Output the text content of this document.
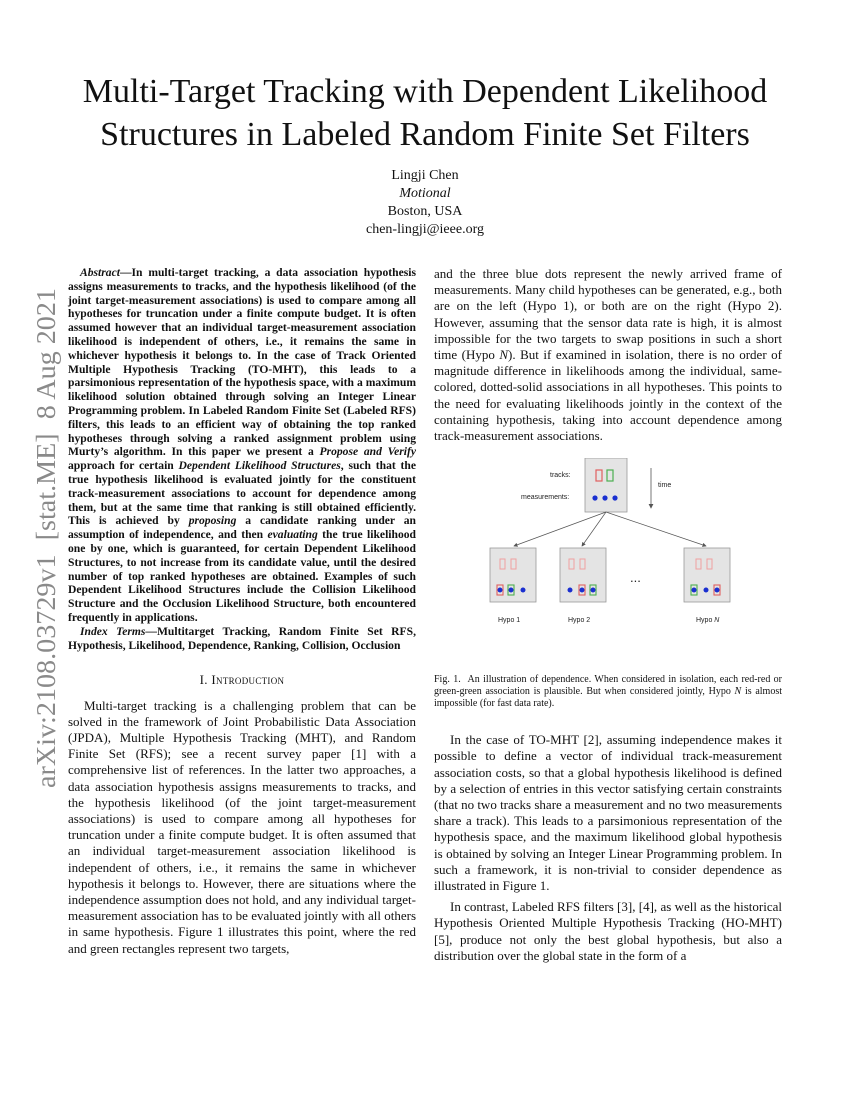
Multi-Target Tracking with Dependent Likelihood
Structures in Labeled Random Finite Set Filters
Lingji Chen
Motional
Boston, USA
chen-lingji@ieee.org
arXiv:2108.03729v1  [stat.ME]  8 Aug 2021

Abstract—In multi-target tracking, a data association hypothesis assigns measurements to tracks, and the hypothesis likelihood (of the joint target-measurement associations) is used to compare among all hypotheses for truncation under a finite compute budget. It is often assumed however that an individual target-measurement association likelihood is independent of others, i.e., it remains the same in whichever hypothesis it belongs to. In the case of Track Oriented Multiple Hypothesis Tracking (TO-MHT), this leads to a parsimonious representation of the hypothesis space, with a maximum likelihood solution obtained through solving an Integer Linear Programming problem. In Labeled Random Finite Set (Labeled RFS) filters, this leads to an efficient way of obtaining the top ranked hypotheses through solving a ranked assignment problem using Murty’s algorithm. In this paper we present a Propose and Verify approach for certain Dependent Likelihood Structures, such that the true hypothesis likelihood is evaluated jointly for the constituent track-measurement associations to account for dependence among them, but at the same time that ranking is still obtained efficiently. This is achieved by proposing a candidate ranking under an assumption of independence, and then evaluating the true likelihood one by one, which is guaranteed, for certain Dependent Likelihood Structures, to not increase from its candidate value, until the desired number of top ranked hypotheses are obtained. Examples of such Dependent Likelihood Structures include the Collision Likelihood Structure and the Occlusion Likelihood Structure, both encountered frequently in applications.

Index Terms—Multitarget Tracking, Random Finite Set RFS, Hypothesis, Likelihood, Dependence, Ranking, Collision, Occlusion

I. Introduction

Multi-target tracking is a challenging problem that can be solved in the framework of Joint Probabilistic Data Association (JPDA), Multiple Hypothesis Tracking (MHT), and Random Finite Set (RFS); see a recent survey paper [1] with a comprehensive list of references. In the latter two approaches, a data association hypothesis assigns measurements to tracks, and the hypothesis likelihood (of the joint target-measurement associations) is used to compare among all hypotheses for truncation under a finite compute budget. It is often assumed that an individual target-measurement association likelihood is independent of others, i.e., it remains the same in whichever hypothesis it belongs to. However, there are situations where the independence assumption does not hold, and any individual target-measurement association has to be evaluated jointly with all others in same hypothesis. Figure 1 illustrates this point, where the red and green rectangles represent two targets,

and the three blue dots represent the newly arrived frame of measurements. Many child hypotheses can be generated, e.g., both are on the left (Hypo 1), or both are on the right (Hypo 2). However, assuming that the sensor data rate is high, it is almost impossible for the two targets to swap positions in such a short time (Hypo N). But if examined in isolation, there is no order of magnitude difference in likelihoods among the individual, same-colored, dotted-solid associations in all hypotheses. This points to the need for evaluating likelihoods jointly in the context of the containing hypothesis, taking into account dependence among track-measurement associations.

tracks:
measurements:
time
Hypo 1	Hypo 2
...
Hypo N
Fig. 1. An illustration of dependence. When considered in isolation, each red-red or green-green association is plausible. But when considered jointly, Hypo N is almost impossible (for fast data rate).

In the case of TO-MHT [2], assuming independence makes it possible to define a vector of individual track-measurement association costs, so that a global hypothesis likelihood is defined by a selection of entries in this vector satisfying certain constraints (that no two tracks share a measurement and no two measurements share a track). This leads to a parsimonious representation of the hypothesis space, and the maximum likelihood global hypothesis is obtained by solving an Integer Linear Programming problem. In such a framework, it is non-trivial to consider dependence as illustrated in Figure 1.

In contrast, Labeled RFS filters [3], [4], as well as the historical Hypothesis Oriented Multiple Hypothesis Tracking (HO-MHT) [5], produce not only the best global hypothesis, but also a distribution over the global state in the form of a
